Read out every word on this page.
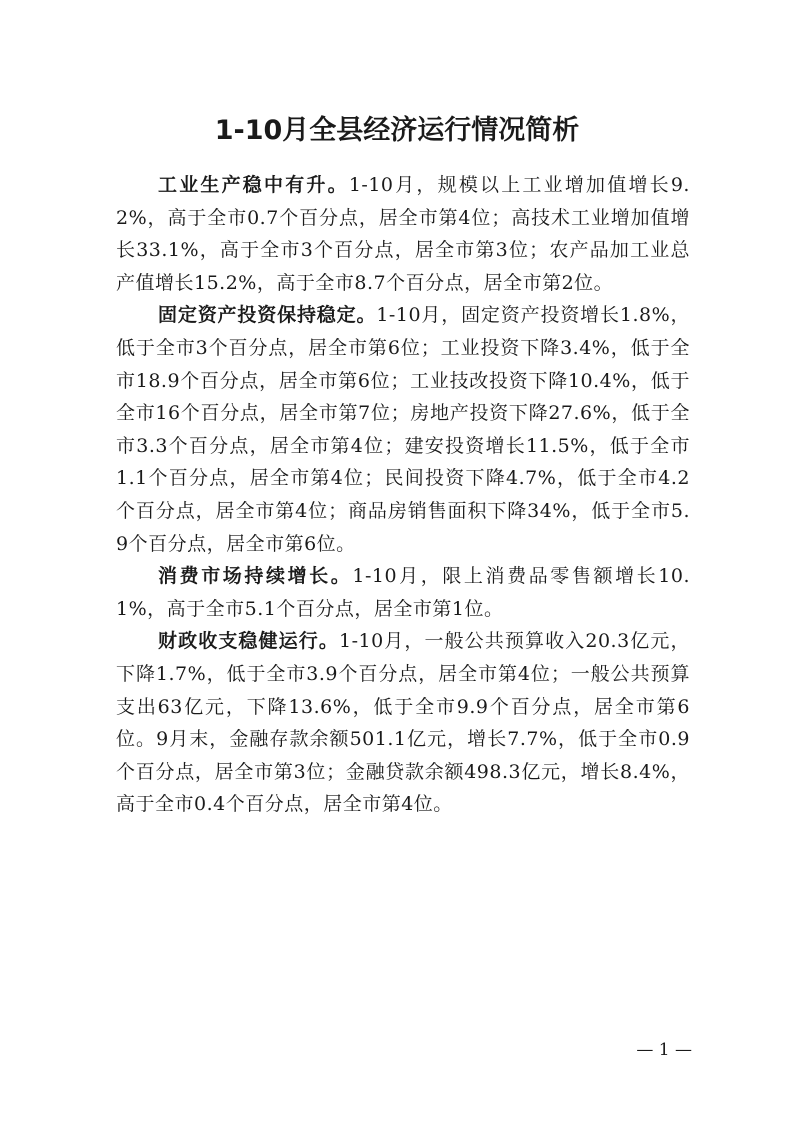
1-10月全县经济运行情况简析

工业生产稳中有升。1-10月，规模以上工业增加值增长9.2%，高于全市0.7个百分点，居全市第4位；高技术工业增加值增长33.1%，高于全市3个百分点，居全市第3位；农产品加工业总产值增长15.2%，高于全市8.7个百分点，居全市第2位。

固定资产投资保持稳定。1-10月，固定资产投资增长1.8%，低于全市3个百分点，居全市第6位；工业投资下降3.4%，低于全市18.9个百分点，居全市第6位；工业技改投资下降10.4%，低于全市16个百分点，居全市第7位；房地产投资下降27.6%，低于全市3.3个百分点，居全市第4位；建安投资增长11.5%，低于全市1.1个百分点，居全市第4位；民间投资下降4.7%，低于全市4.2个百分点，居全市第4位；商品房销售面积下降34%，低于全市5.9个百分点，居全市第6位。

消费市场持续增长。1-10月，限上消费品零售额增长10.1%，高于全市5.1个百分点，居全市第1位。

财政收支稳健运行。1-10月，一般公共预算收入20.3亿元，下降1.7%，低于全市3.9个百分点，居全市第4位；一般公共预算支出63亿元，下降13.6%，低于全市9.9个百分点，居全市第6位。9月末，金融存款余额501.1亿元，增长7.7%，低于全市0.9个百分点，居全市第3位；金融贷款余额498.3亿元，增长8.4%，高于全市0.4个百分点，居全市第4位。

— 1 —
